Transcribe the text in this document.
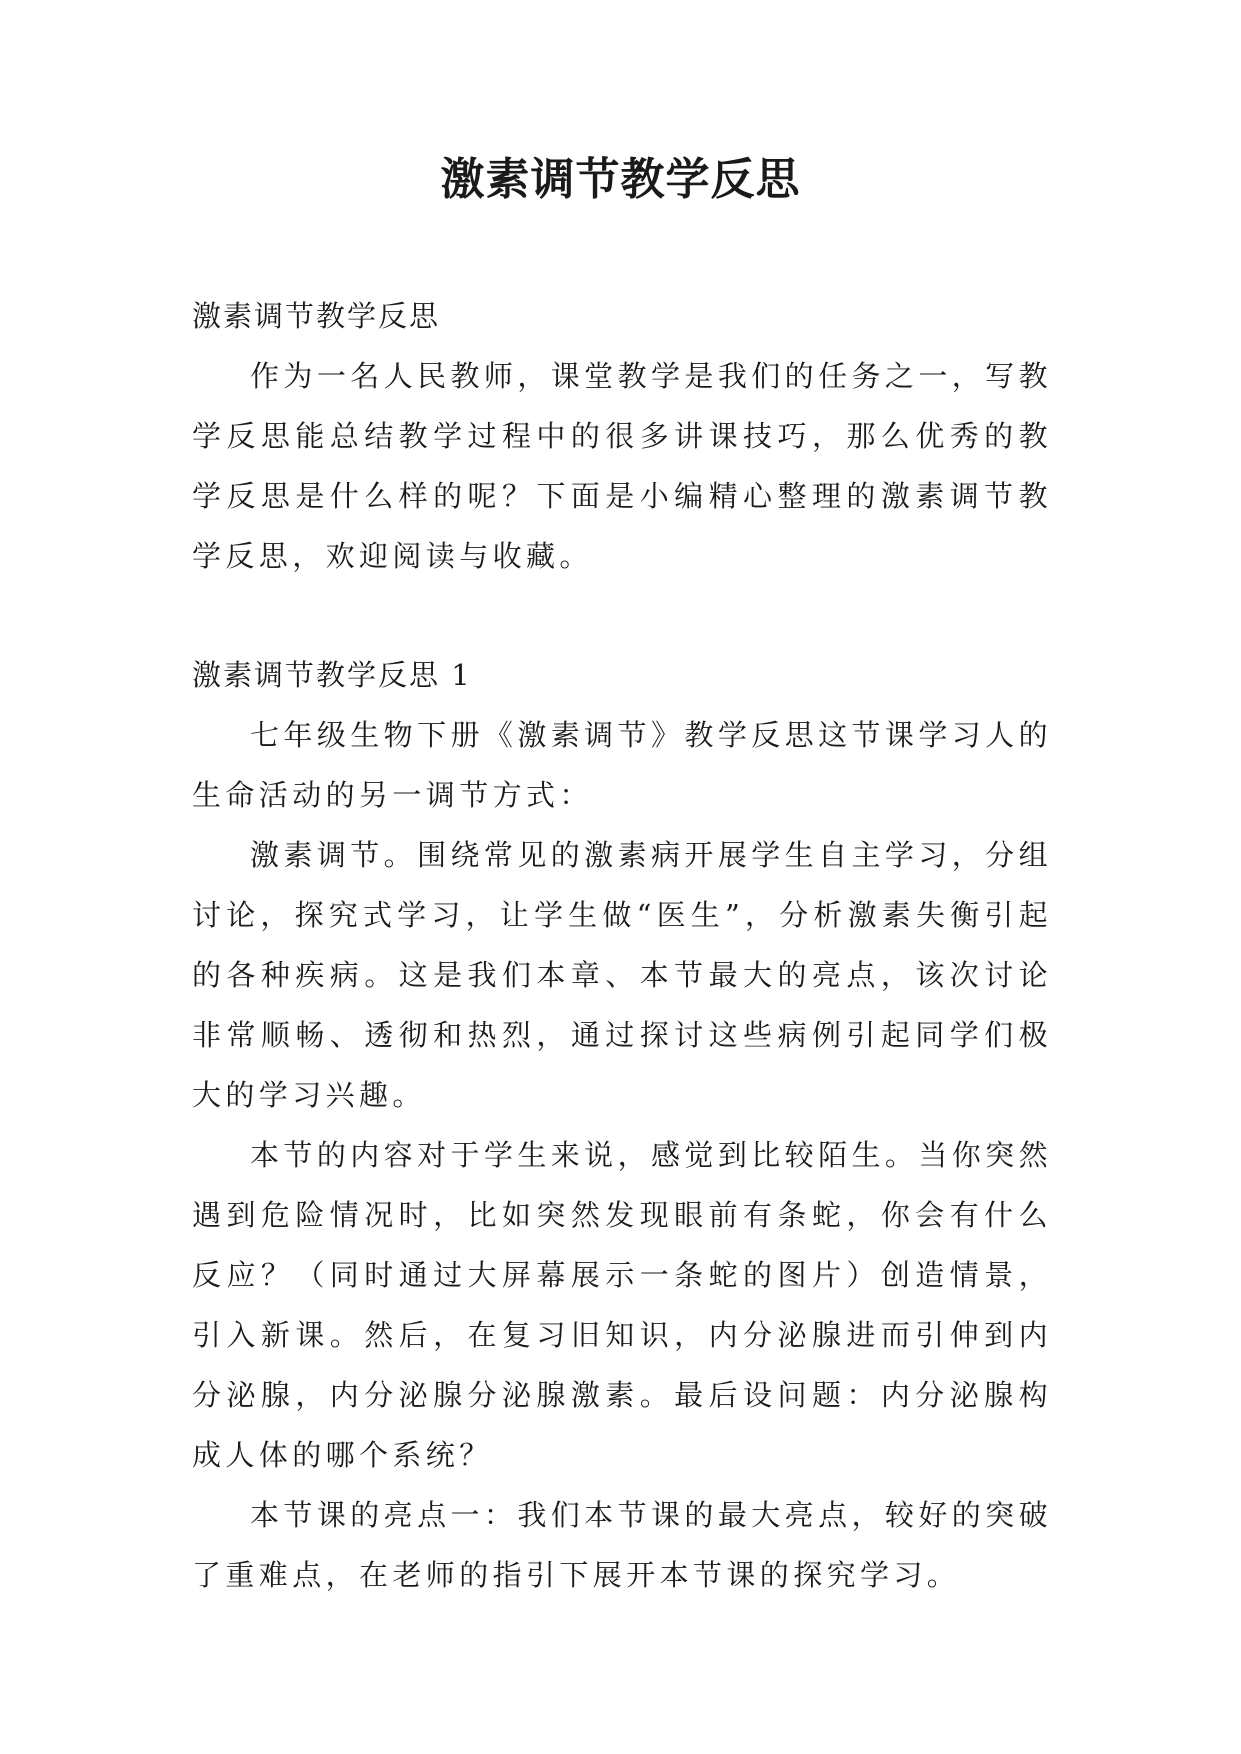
激素调节教学反思

激素调节教学反思

作为一名人民教师，课堂教学是我们的任务之一，写教学反思能总结教学过程中的很多讲课技巧，那么优秀的教学反思是什么样的呢？下面是小编精心整理的激素调节教学反思，欢迎阅读与收藏。

激素调节教学反思 1

七年级生物下册《激素调节》教学反思这节课学习人的生命活动的另一调节方式：

激素调节。围绕常见的激素病开展学生自主学习，分组讨论，探究式学习，让学生做“医生”，分析激素失衡引起的各种疾病。这是我们本章、本节最大的亮点，该次讨论非常顺畅、透彻和热烈，通过探讨这些病例引起同学们极大的学习兴趣。

本节的内容对于学生来说，感觉到比较陌生。当你突然遇到危险情况时，比如突然发现眼前有条蛇，你会有什么反应？（同时通过大屏幕展示一条蛇的图片）创造情景，引入新课。然后，在复习旧知识，内分泌腺进而引伸到内分泌腺，内分泌腺分泌腺激素。最后设问题：内分泌腺构成人体的哪个系统？

本节课的亮点一：我们本节课的最大亮点，较好的突破了重难点，在老师的指引下展开本节课的探究学习。
